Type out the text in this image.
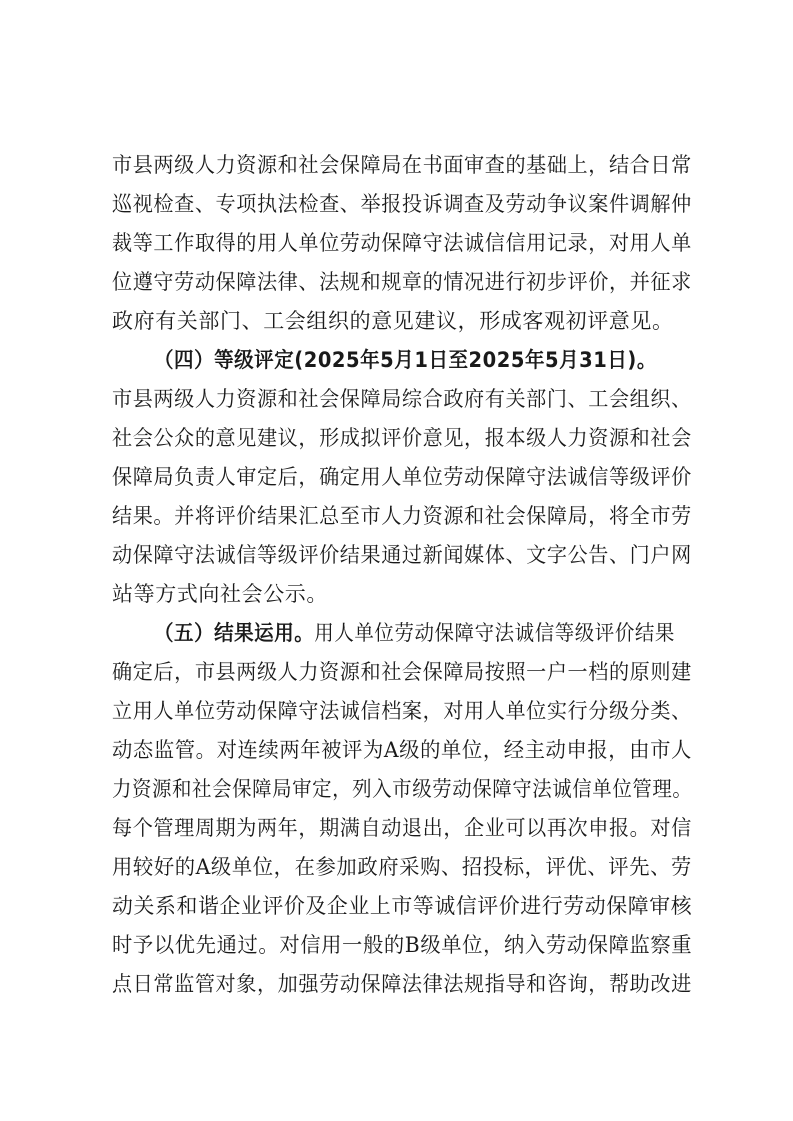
市县两级人力资源和社会保障局在书面审查的基础上，结合日常
巡视检查、专项执法检查、举报投诉调查及劳动争议案件调解仲
裁等工作取得的用人单位劳动保障守法诚信信用记录，对用人单
位遵守劳动保障法律、法规和规章的情况进行初步评价，并征求
政府有关部门、工会组织的意见建议，形成客观初评意见。
（四）等级评定(2025年5月1日至2025年5月31日)。
市县两级人力资源和社会保障局综合政府有关部门、工会组织、
社会公众的意见建议，形成拟评价意见，报本级人力资源和社会
保障局负责人审定后，确定用人单位劳动保障守法诚信等级评价
结果。并将评价结果汇总至市人力资源和社会保障局，将全市劳
动保障守法诚信等级评价结果通过新闻媒体、文字公告、门户网
站等方式向社会公示。
（五）结果运用。用人单位劳动保障守法诚信等级评价结果
确定后，市县两级人力资源和社会保障局按照一户一档的原则建
立用人单位劳动保障守法诚信档案，对用人单位实行分级分类、
动态监管。对连续两年被评为A级的单位，经主动申报，由市人
力资源和社会保障局审定，列入市级劳动保障守法诚信单位管理。
每个管理周期为两年，期满自动退出，企业可以再次申报。对信
用较好的A级单位，在参加政府采购、招投标，评优、评先、劳
动关系和谐企业评价及企业上市等诚信评价进行劳动保障审核
时予以优先通过。对信用一般的B级单位，纳入劳动保障监察重
点日常监管对象，加强劳动保障法律法规指导和咨询，帮助改进
